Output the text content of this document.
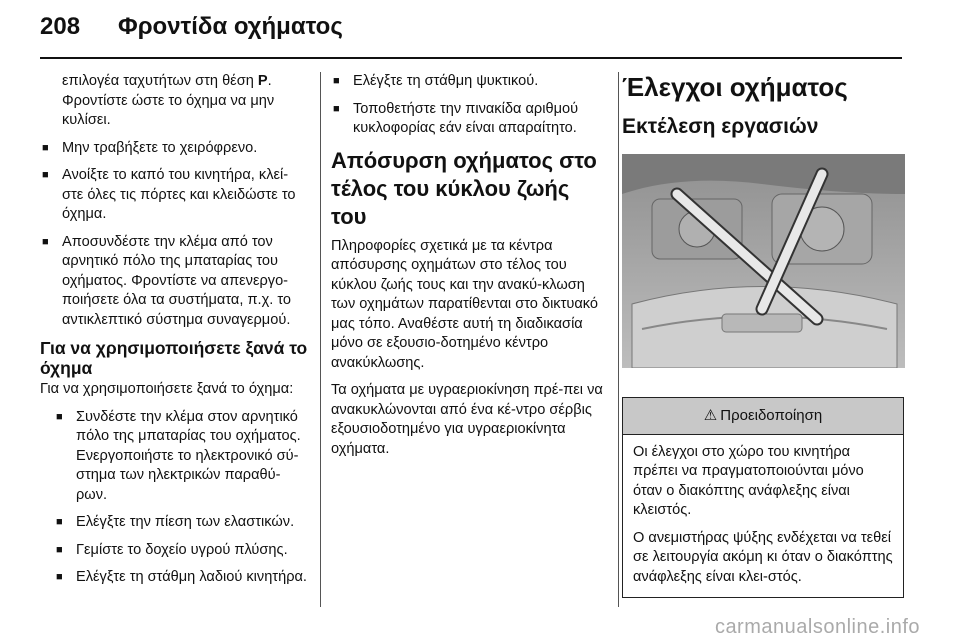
208 Φροντίδα οχήματος
επιλογέα ταχυτήτων στη θέση P. Φροντίστε ώστε το όχημα να μην κυλίσει.
■ Μην τραβήξετε το χειρόφρενο.
■ Ανοίξτε το καπό του κινητήρα, κλεί-στε όλες τις πόρτες και κλειδώστε το όχημα.
■ Αποσυνδέστε την κλέμα από τον αρνητικό πόλο της μπαταρίας του οχήματος. Φροντίστε να απενεργο-ποιήσετε όλα τα συστήματα, π.χ. το αντικλεπτικό σύστημα συναγερμού.
Για να χρησιμοποιήσετε ξανά το όχημα

Για να χρησιμοποιήσετε ξανά το όχημα:

■ Συνδέστε την κλέμα στον αρνητικό πόλο της μπαταρίας του οχήματος. Ενεργοποιήστε το ηλεκτρονικό σύ-στημα των ηλεκτρικών παραθύ-ρων.
■ Ελέγξτε την πίεση των ελαστικών.
■ Γεμίστε το δοχείο υγρού πλύσης.
■ Ελέγξτε τη στάθμη λαδιού κινητήρα.
■ Ελέγξτε τη στάθμη ψυκτικού.
■ Τοποθετήστε την πινακίδα αριθμού κυκλοφορίας εάν είναι απαραίτητο.
Απόσυρση οχήματος στο τέλος του κύκλου ζωής του

Πληροφορίες σχετικά με τα κέντρα απόσυρσης οχημάτων στο τέλος του κύκλου ζωής τους και την ανακύ-κλωση των οχημάτων παρατίθενται στο δικτυακό μας τόπο. Αναθέστε αυτή τη διαδικασία μόνο σε εξουσιο-δοτημένο κέντρο ανακύκλωσης.

Τα οχήματα με υγραεριοκίνηση πρέ-πει να ανακυκλώνονται από ένα κέ-ντρο σέρβις εξουσιοδοτημένο για υγραεριοκίνητα οχήματα.

Έλεγχοι οχήματος
Εκτέλεση εργασιών
⚠ Προειδοποίηση

Οι έλεγχοι στο χώρο του κινητήρα πρέπει να πραγματοποιούνται μόνο όταν ο διακόπτης ανάφλεξης είναι κλειστός.

Ο ανεμιστήρας ψύξης ενδέχεται να τεθεί σε λειτουργία ακόμη κι όταν ο διακόπτης ανάφλεξης είναι κλει-στός.

carmanualsonline.info
